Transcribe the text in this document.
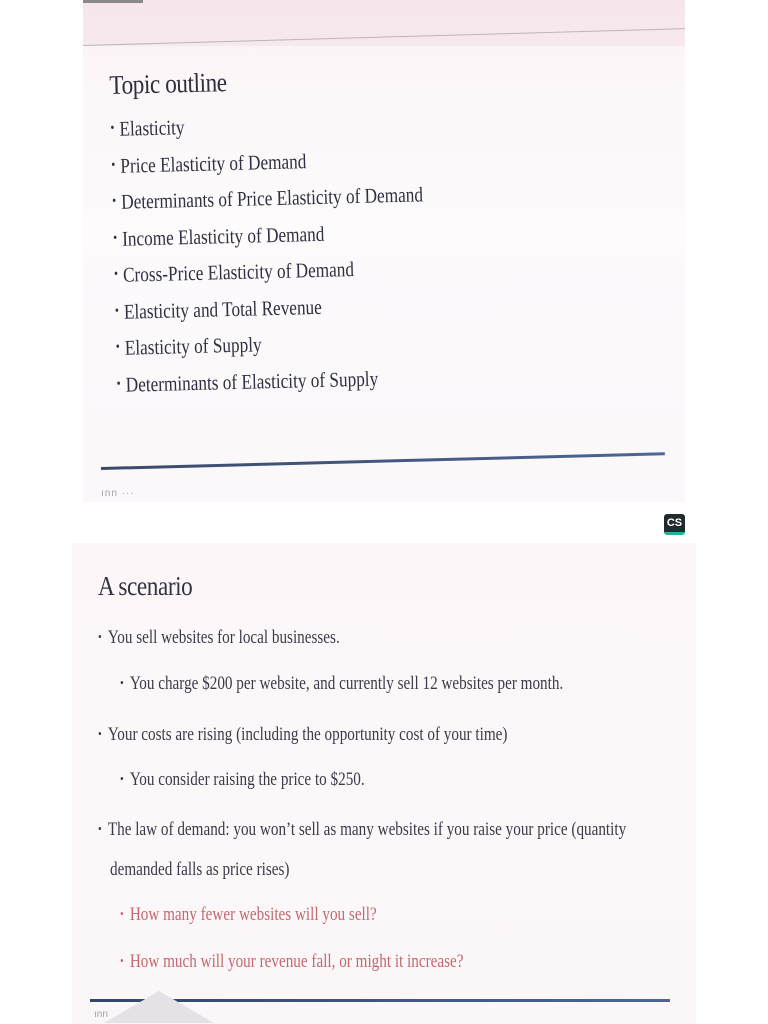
Topic outline
• Elasticity
• Price Elasticity of Demand
• Determinants of Price Elasticity of Demand
• Income Elasticity of Demand
• Cross-Price Elasticity of Demand
• Elasticity and Total Revenue
• Elasticity of Supply
• Determinants of Elasticity of Supply
ınn ···
CS
A scenario
• You sell websites for local businesses.
• You charge $200 per website, and currently sell 12 websites per month.
• Your costs are rising (including the opportunity cost of your time)
• You consider raising the price to $250.
• The law of demand: you won’t sell as many websites if you raise your price (quantity
demanded falls as price rises)
• How many fewer websites will you sell?
• How much will your revenue fall, or might it increase?
ınn
